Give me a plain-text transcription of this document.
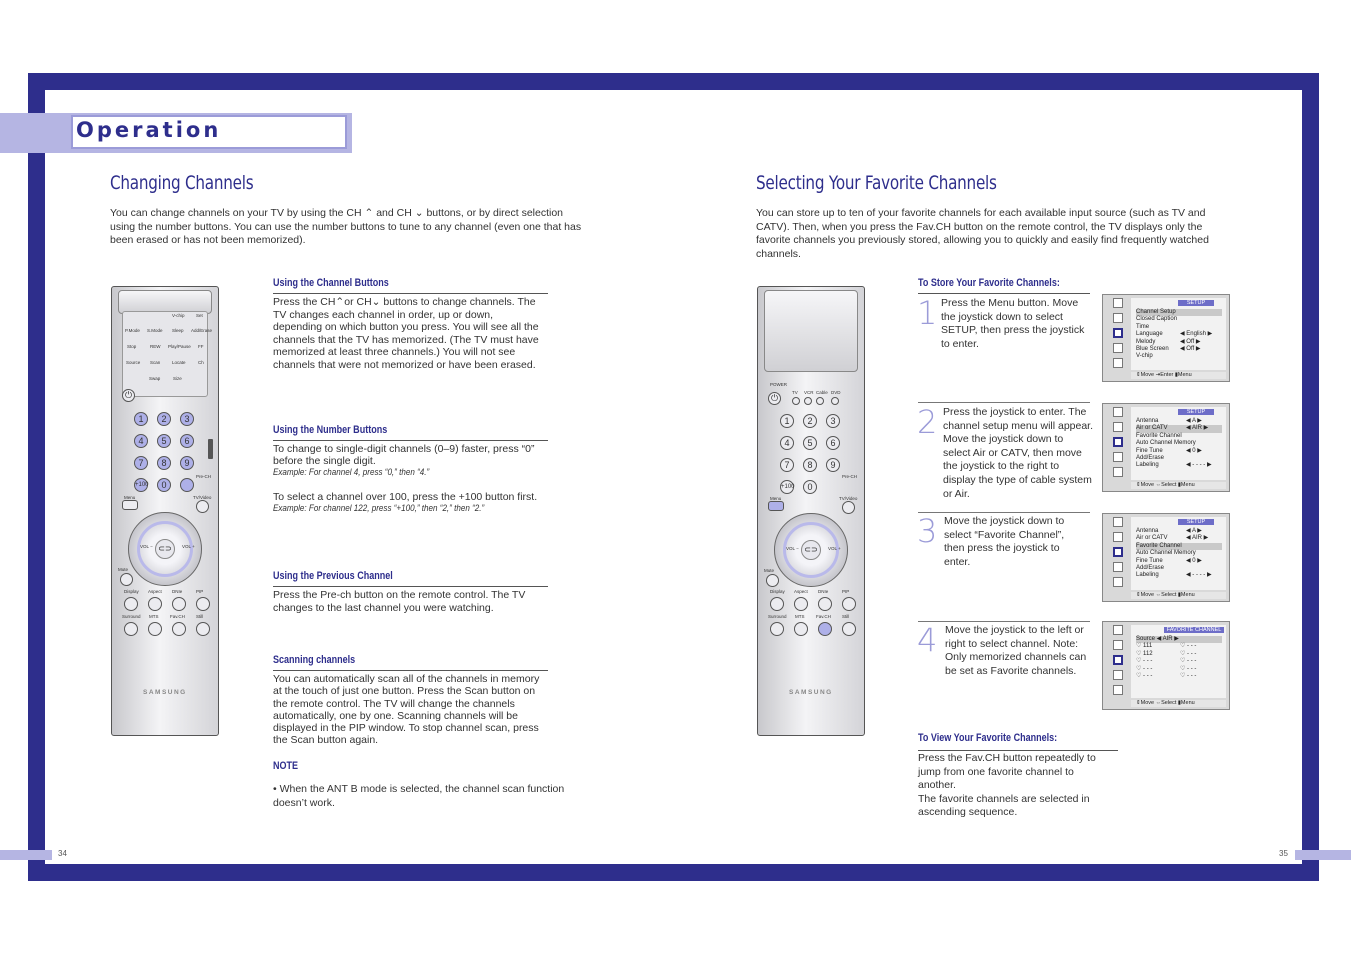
Operation
34	35
Changing Channels
You can change channels on your TV by using the CH ⌃ and CH ⌄ buttons, or by direct selection using the number buttons. You can use the number buttons to tune to any channel (even one that has been erased or has not been memorized).
V-chip	Set
P.Mode S.Mode Sleep Add/Erase
Stop	REW Play/Pause FF
Source Scan	Locate	Ch
Swap	Size
⏻
1	2	3
4	5	6
7	8	9
+100	0
Pre-CH
Menu	TV/Video
⊂⊃
VOL −	VOL +
Mute
Display Aspect DNIe	PIP
Surround MTS	Fav.CH Still
SAMSUNG
Using the Channel Buttons
Press the CH⌃or CH⌄ buttons to change channels. The TV changes each channel in order, up or down, depending on which button you press. You will see all the channels that the TV has memorized. (The TV must have memorized at least three channels.) You will not see channels that were not memorized or have been erased.
Using the Number Buttons
To change to single-digit channels (0–9) faster, press “0” before the single digit.
Example: For channel 4, press “0,” then “4.”

To select a channel over 100, press the +100 button first.
Example: For channel 122, press “+100,” then “2,” then “2.”
Using the Previous Channel
Press the Pre-ch button on the remote control. The TV changes to the last channel you were watching.
Scanning channels
You can automatically scan all of the channels in memory at the touch of just one button. Press the Scan button on the remote control. The TV will change the channels automatically, one by one. Scanning channels will be displayed in the PIP window. To stop channel scan, press the Scan button again.
NOTE
• When the ANT B mode is selected, the channel scan function doesn’t work.
Selecting Your Favorite Channels
You can store up to ten of your favorite channels for each available input source (such as TV and CATV). Then, when you press the Fav.CH button on the remote control, the TV displays only the favorite channels you previously stored, allowing you to quickly and easily find frequently watched channels.
POWER
TV VCR Cable DVD
⏻
1	2	3
4	5	6
7	8	9
+100	0
Pre-CH
Menu	TV/Video
⊂⊃
VOL −	VOL +
Mute
Display Aspect DNIe	PIP
Surround MTS	Fav.CH Still
SAMSUNG
To Store Your Favorite Channels:
1 Press the Menu button. Move the joystick down to select SETUP, then press the joystick to enter.
2 Press the joystick to enter. The channel setup menu will appear. Move the joystick down to select Air or CATV, then move the joystick to the right to display the type of cable system or Air.
3 Move the joystick down to select “Favorite Channel”, then press the joystick to enter.
4 Move the joystick to the left or right to select channel. Note: Only memorized channels can be set as Favorite channels.
SETUP
Channel Setup
Closed Caption
Time
Language	◀ English ▶
Melody	◀ Off ▶
Blue Screen ◀ Off ▶
V-chip
⇕Move ⇥Enter ▮Menu
SETUP
Antenna	◀ A ▶
Air or CATV	◀ AIR ▶
Favorite Channel
Auto Channel Memory
Fine Tune	◀ 0 ▶
Add/Erase
Labeling	◀ - - - - ▶
⇕Move ⇔Select ▮Menu
SETUP
Antenna	◀ A ▶
Air or CATV	◀ AIR ▶
Favorite Channel
Auto Channel Memory
Fine Tune	◀ 0 ▶
Add/Erase
Labeling	◀ - - - - ▶
⇕Move ⇔Select ▮Menu
FAVORITE CHANNEL
Source ◀ AIR ▶
♡ 111	♡ - - -
♡ 112	♡ - - -
♡ - - -	♡ - - -
♡ - - -	♡ - - -
♡ - - -	♡ - - -
⇕Move ⇔Select ▮Menu
To View Your Favorite Channels:
Press the Fav.CH button repeatedly to jump from one favorite channel to another.
The favorite channels are selected in ascending sequence.
